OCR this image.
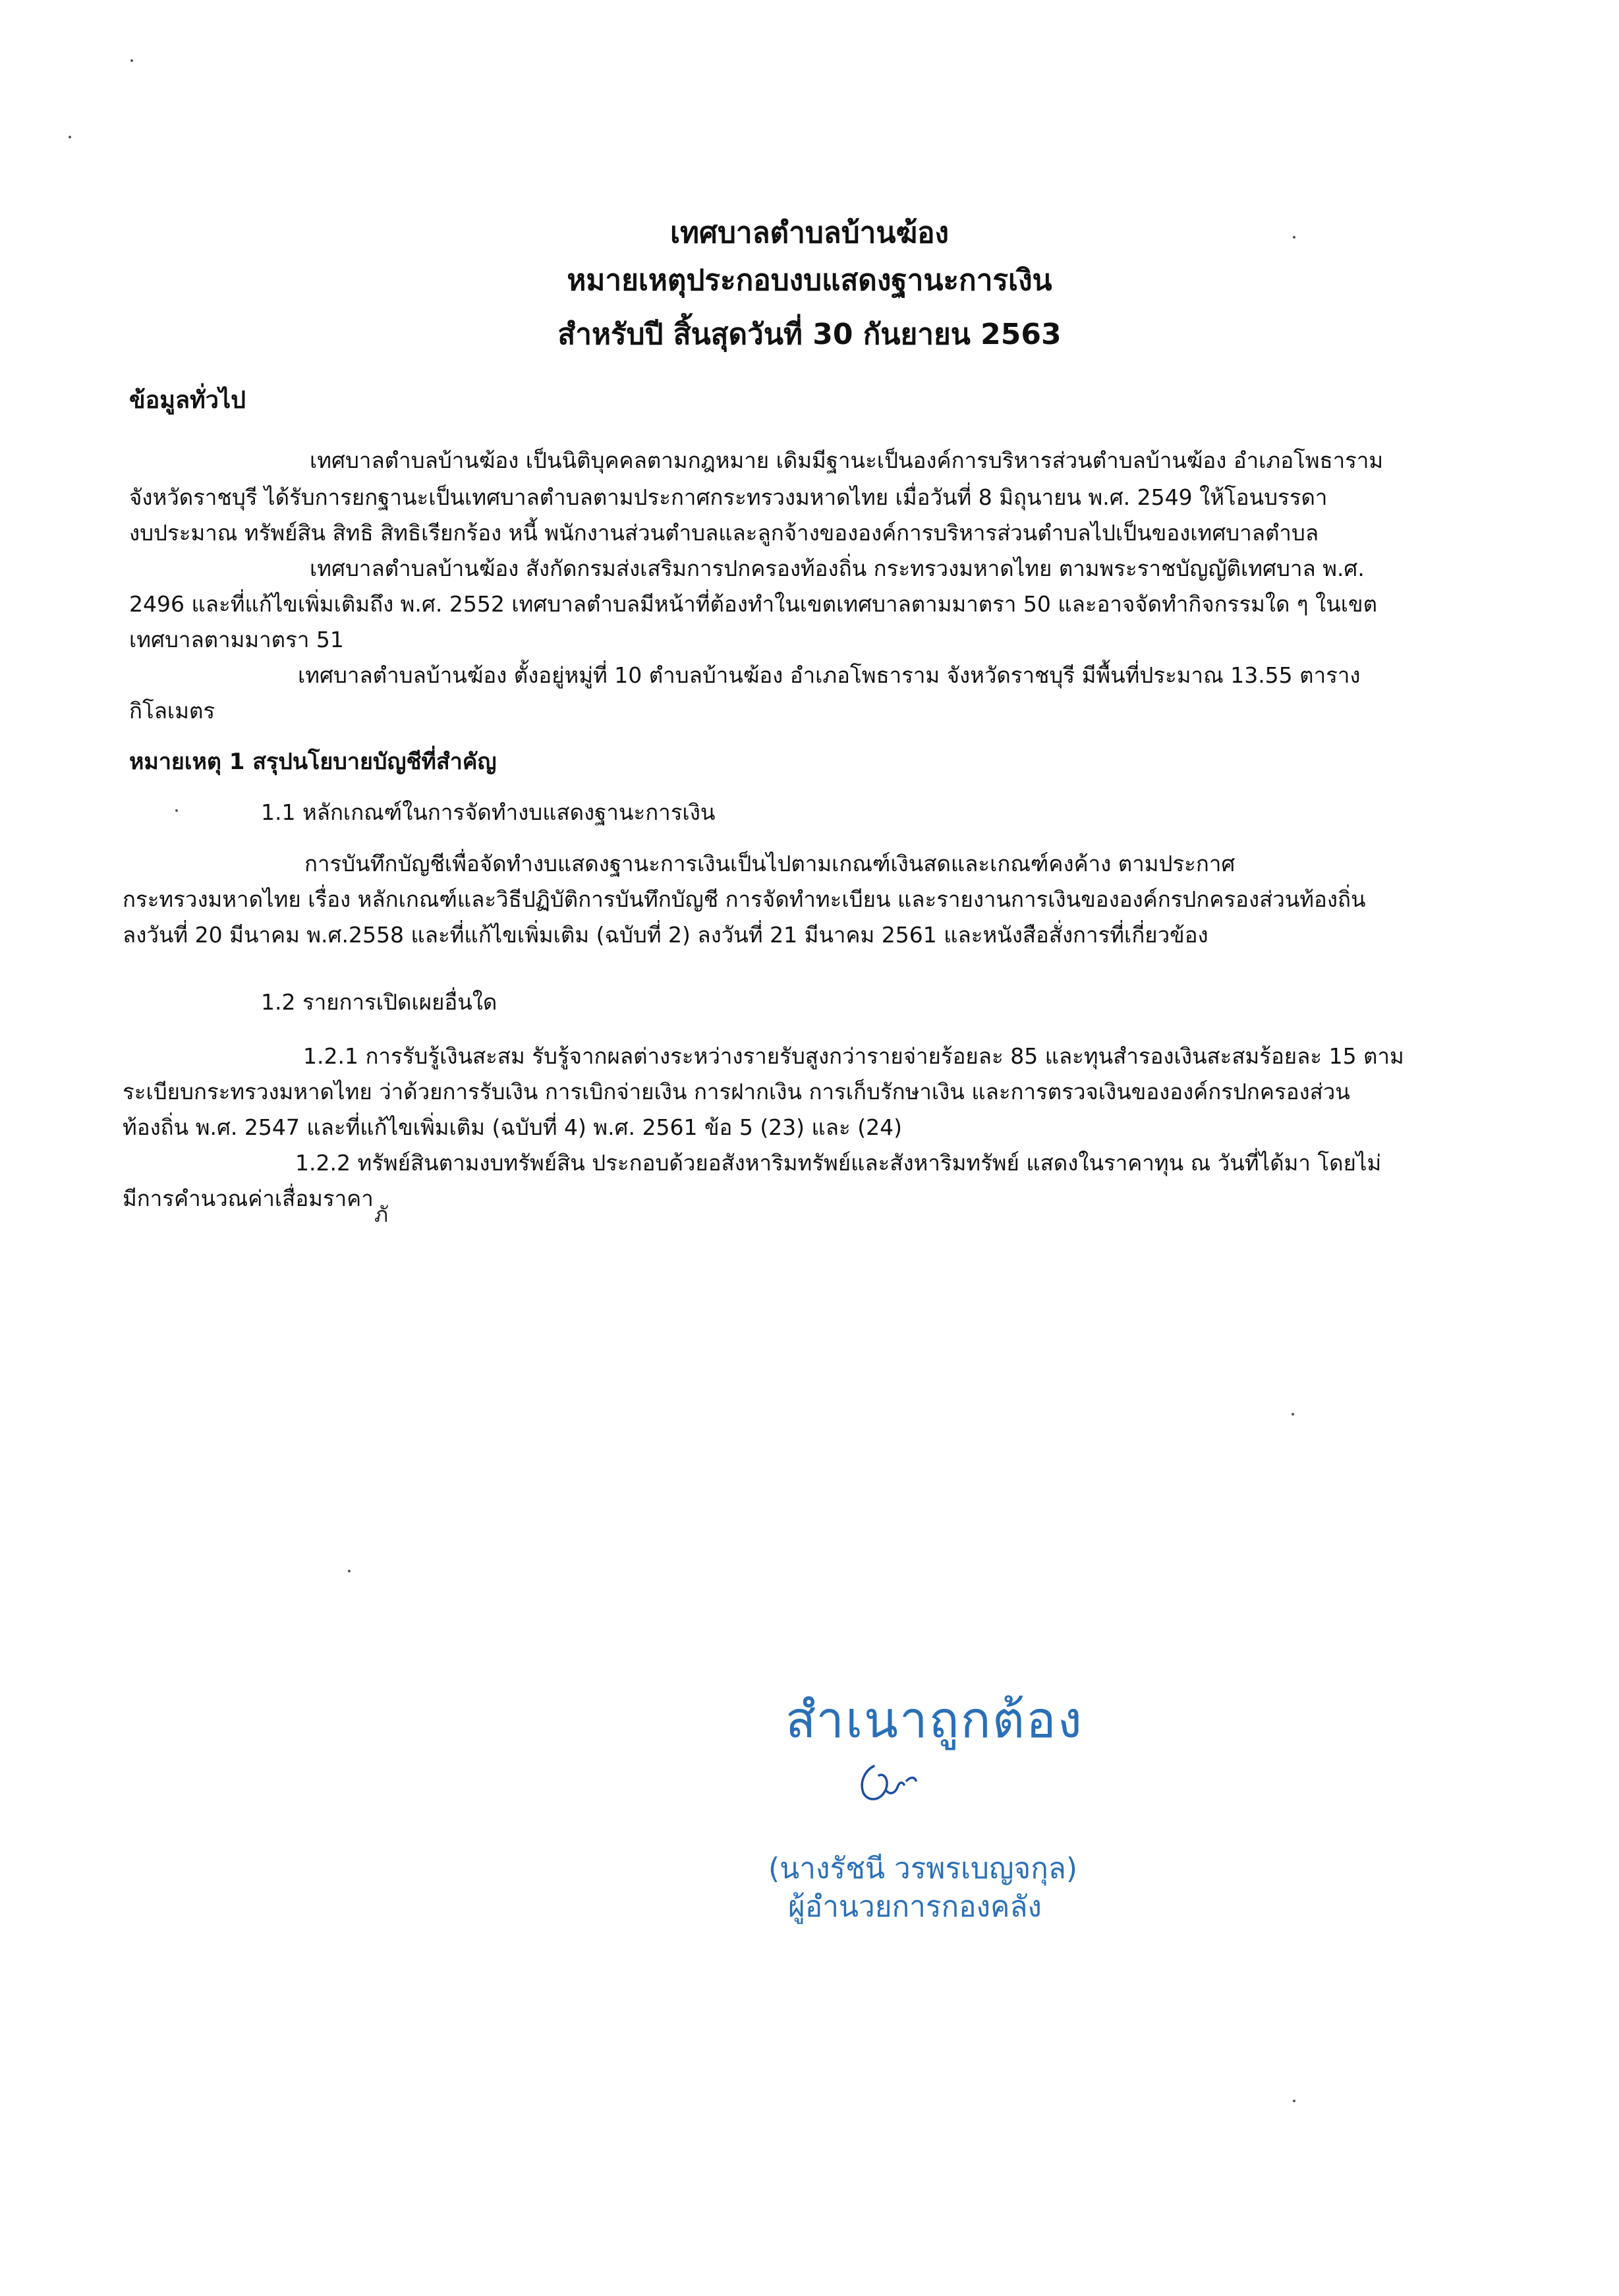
เทศบาลตำบลบ้านฆ้อง
หมายเหตุประกอบงบแสดงฐานะการเงิน
สำหรับปี สิ้นสุดวันที่ 30 กันยายน 2563
ข้อมูลทั่วไป
เทศบาลตำบลบ้านฆ้อง เป็นนิติบุคคลตามกฎหมาย เดิมมีฐานะเป็นองค์การบริหารส่วนตำบลบ้านฆ้อง อำเภอโพธาราม
จังหวัดราชบุรี ได้รับการยกฐานะเป็นเทศบาลตำบลตามประกาศกระทรวงมหาดไทย เมื่อวันที่ 8 มิถุนายน พ.ศ. 2549 ให้โอนบรรดา
งบประมาณ ทรัพย์สิน สิทธิ สิทธิเรียกร้อง หนี้ พนักงานส่วนตำบลและลูกจ้างขององค์การบริหารส่วนตำบลไปเป็นของเทศบาลตำบล
เทศบาลตำบลบ้านฆ้อง สังกัดกรมส่งเสริมการปกครองท้องถิ่น กระทรวงมหาดไทย ตามพระราชบัญญัติเทศบาล พ.ศ.
2496 และที่แก้ไขเพิ่มเติมถึง พ.ศ. 2552 เทศบาลตำบลมีหน้าที่ต้องทำในเขตเทศบาลตามมาตรา 50 และอาจจัดทำกิจกรรมใด ๆ ในเขต
เทศบาลตามมาตรา 51
เทศบาลตำบลบ้านฆ้อง ตั้งอยู่หมู่ที่ 10 ตำบลบ้านฆ้อง อำเภอโพธาราม จังหวัดราชบุรี มีพื้นที่ประมาณ 13.55 ตาราง
กิโลเมตร
หมายเหตุ 1 สรุปนโยบายบัญชีที่สำคัญ
1.1 หลักเกณฑ์ในการจัดทำงบแสดงฐานะการเงิน
การบันทึกบัญชีเพื่อจัดทำงบแสดงฐานะการเงินเป็นไปตามเกณฑ์เงินสดและเกณฑ์คงค้าง ตามประกาศ
กระทรวงมหาดไทย เรื่อง หลักเกณฑ์และวิธีปฏิบัติการบันทึกบัญชี การจัดทำทะเบียน และรายงานการเงินขององค์กรปกครองส่วนท้องถิ่น
ลงวันที่ 20 มีนาคม พ.ศ.2558 และที่แก้ไขเพิ่มเติม (ฉบับที่ 2) ลงวันที่ 21 มีนาคม 2561 และหนังสือสั่งการที่เกี่ยวข้อง
1.2 รายการเปิดเผยอื่นใด
1.2.1 การรับรู้เงินสะสม รับรู้จากผลต่างระหว่างรายรับสูงกว่ารายจ่ายร้อยละ 85 และทุนสำรองเงินสะสมร้อยละ 15 ตาม
ระเบียบกระทรวงมหาดไทย ว่าด้วยการรับเงิน การเบิกจ่ายเงิน การฝากเงิน การเก็บรักษาเงิน และการตรวจเงินขององค์กรปกครองส่วน
ท้องถิ่น พ.ศ. 2547 และที่แก้ไขเพิ่มเติม (ฉบับที่ 4) พ.ศ. 2561 ข้อ 5 (23) และ (24)
1.2.2 ทรัพย์สินตามงบทรัพย์สิน ประกอบด้วยอสังหาริมทรัพย์และสังหาริมทรัพย์ แสดงในราคาทุน ณ วันที่ได้มา โดยไม่
มีการคำนวณค่าเสื่อมราคา
ภั
สำเนาถูกต้อง
(นางรัชนี วรพรเบญจกุล)
ผู้อำนวยการกองคลัง
